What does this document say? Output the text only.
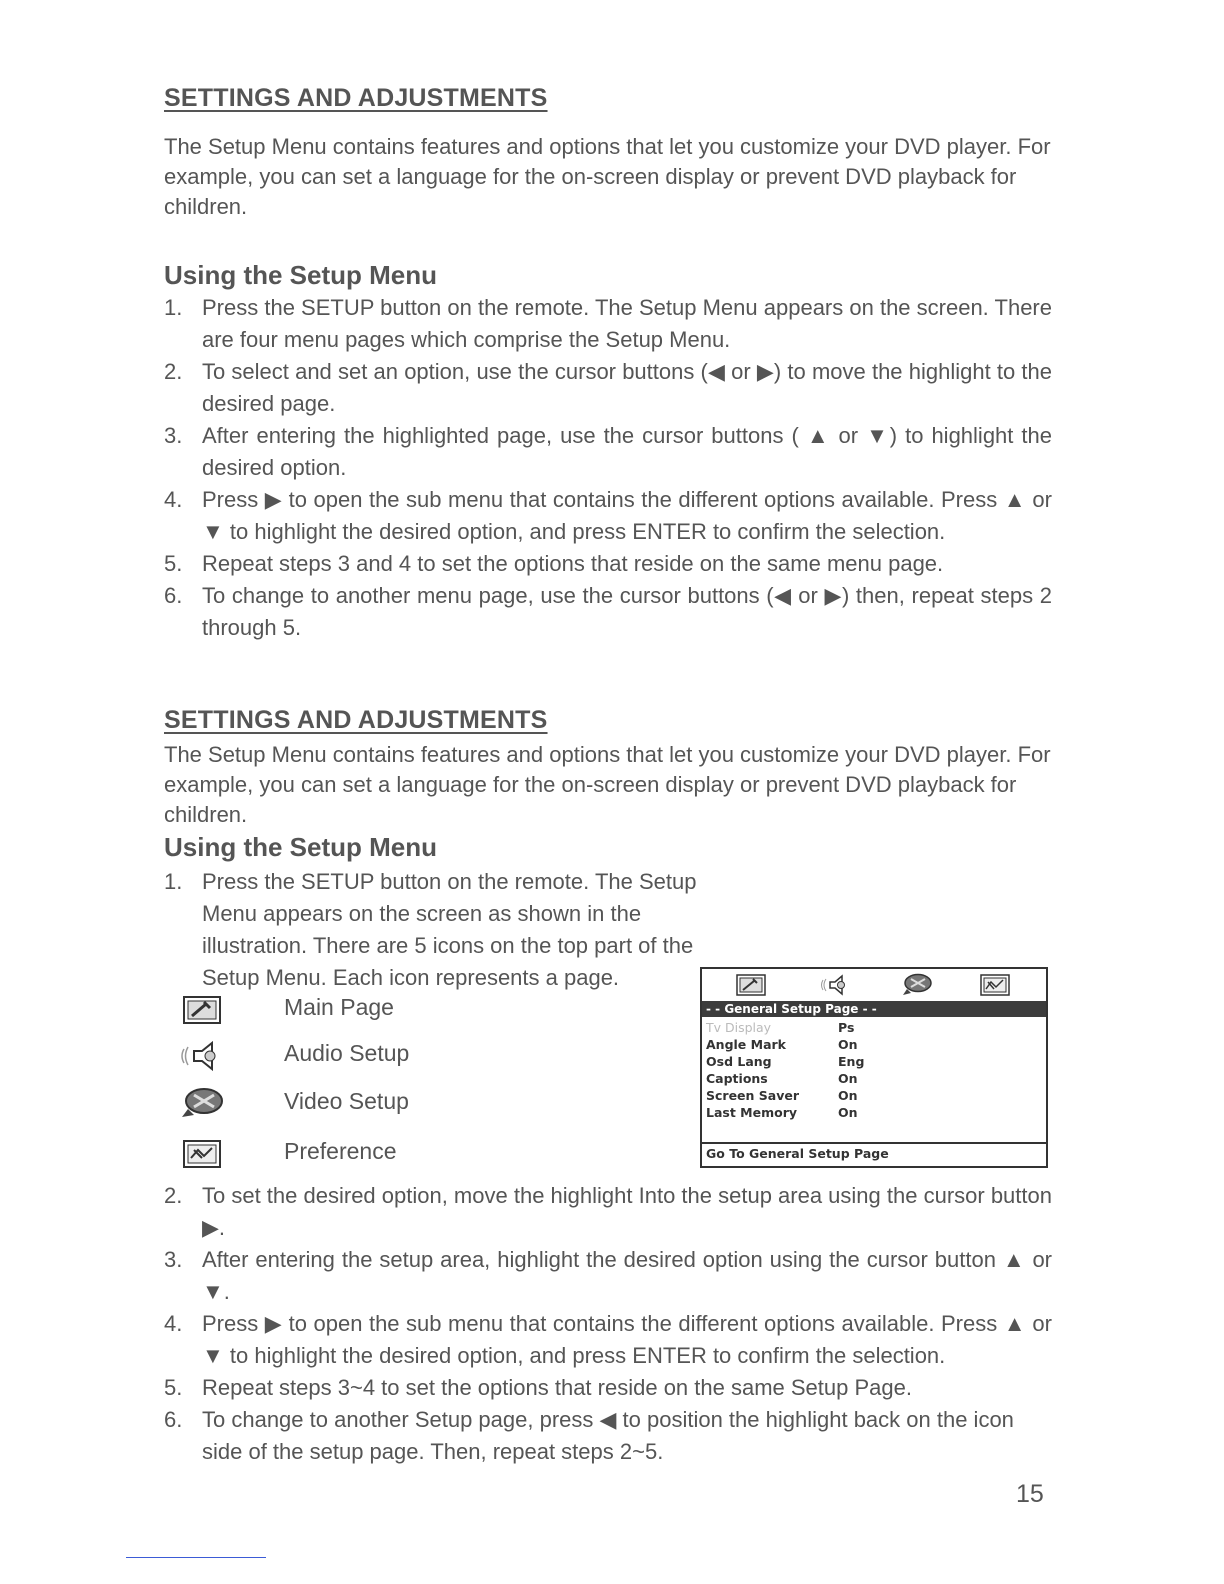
SETTINGS AND ADJUSTMENTS

The Setup Menu contains features and options that let you customize your DVD player. For example, you can set a language for the on-screen display or prevent DVD playback for children.

Using the Setup Menu
1. Press the SETUP button on the remote. The Setup Menu appears on the screen. There are four menu pages which comprise the Setup Menu.
2. To select and set an option, use the cursor buttons (◀ or ▶) to move the highlight to the desired page.
3. After entering the highlighted page, use the cursor buttons ( ▲ or ▼) to highlight the desired option.
4. Press ▶ to open the sub menu that contains the different options available. Press ▲ or ▼ to highlight the desired option, and press ENTER to confirm the selection.
5. Repeat steps 3 and 4 to set the options that reside on the same menu page.
6. To change to another menu page, use the cursor buttons (◀ or ▶) then, repeat steps 2 through 5.
SETTINGS AND ADJUSTMENTS

The Setup Menu contains features and options that let you customize your DVD player. For example, you can set a language for the on-screen display or prevent DVD playback for children.

Using the Setup Menu
1. Press the SETUP button on the remote. The Setup Menu appears on the screen as shown in the illustration. There are 5 icons on the top part of the Setup Menu. Each icon represents a page.
Main Page
Audio Setup
Video Setup
Preference
- - General Setup Page - -
Tv Display	Ps
Angle Mark	On
Osd Lang	Eng
Captions	On
Screen Saver	On
Last Memory	On
Go To General Setup Page
2. To set the desired option, move the highlight Into the setup area using the cursor button ▶.
3. After entering the setup area, highlight the desired option using the cursor button ▲ or ▼.
4. Press ▶ to open the sub menu that contains the different options available. Press ▲ or ▼ to highlight the desired option, and press ENTER to confirm the selection.
5. Repeat steps 3~4 to set the options that reside on the same Setup Page.
6. To change to another Setup page, press ◀ to position the highlight back on the icon side of the setup page. Then, repeat steps 2~5.
15
